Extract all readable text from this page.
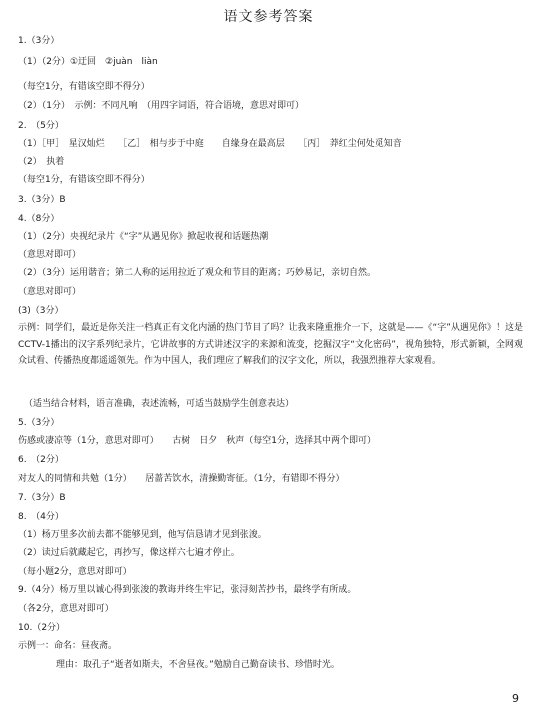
语文参考答案
1.（3分）
（1）（2分）①迂回　②juàn　liàn
（每空1分，有错该空即不得分）
（2）（1分）　示例：不同凡响　（用四字词语，符合语境，意思对即可）
2.　（5分）
（1）［甲］　星汉灿烂　　［乙］　相与步于中庭　　自缘身在最高层　　［丙］　莽红尘何处觅知音
（2）　执着
（每空1分，有错该空即不得分）
3.（3分）B
4.（8分）
（1）（2分）央视纪录片《“字”从遇见你》掀起收视和话题热潮
（意思对即可）
（2）（3分）运用谐音；第二人称的运用拉近了观众和节目的距离；巧妙易记，亲切自然。
（意思对即可）
(3)（3分）
示例：同学们，最近是你关注一档真正有文化内涵的热门节目了吗？让我来隆重推介一下，这就是——《“字”从遇见你》！这是CCTV-1播出的汉字系列纪录片，它讲故事的方式讲述汉字的来源和流变，挖掘汉字“文化密码”，视角独特，形式新颖，全网观众试看、传播热度都遥遥领先。作为中国人，我们理应了解我们的汉字文化，所以，我强烈推荐大家观看。
（适当结合材料，语言准确，表述流畅，可适当鼓励学生创意表达）
5.（3分）
伤感或凄凉等（1分，意思对即可）　　古树　日夕　秋声（每空1分，选择其中两个即可）
6.　（2分）
对友人的同情和共勉（1分）　　居蔷苦饮水，清操勤寄征。（1分，有错即不得分）
7.（3分）B
8.　（4分）
（1）杨万里多次前去都不能够见到，他写信恳请才见到张浚。
（2）读过后就藏起它，再抄写，像这样六七遍才停止。
（每小题2分，意思对即可）
9.（4分）杨万里以诚心得到张浚的教诲并终生牢记，张浔刻苦抄书，最终学有所成。
（各2分，意思对即可）
10.（2分）
示例一：命名：昼夜斋。
理由：取孔子“逝者如斯夫，不舍昼夜。”勉励自己勤奋读书、珍惜时光。
9
